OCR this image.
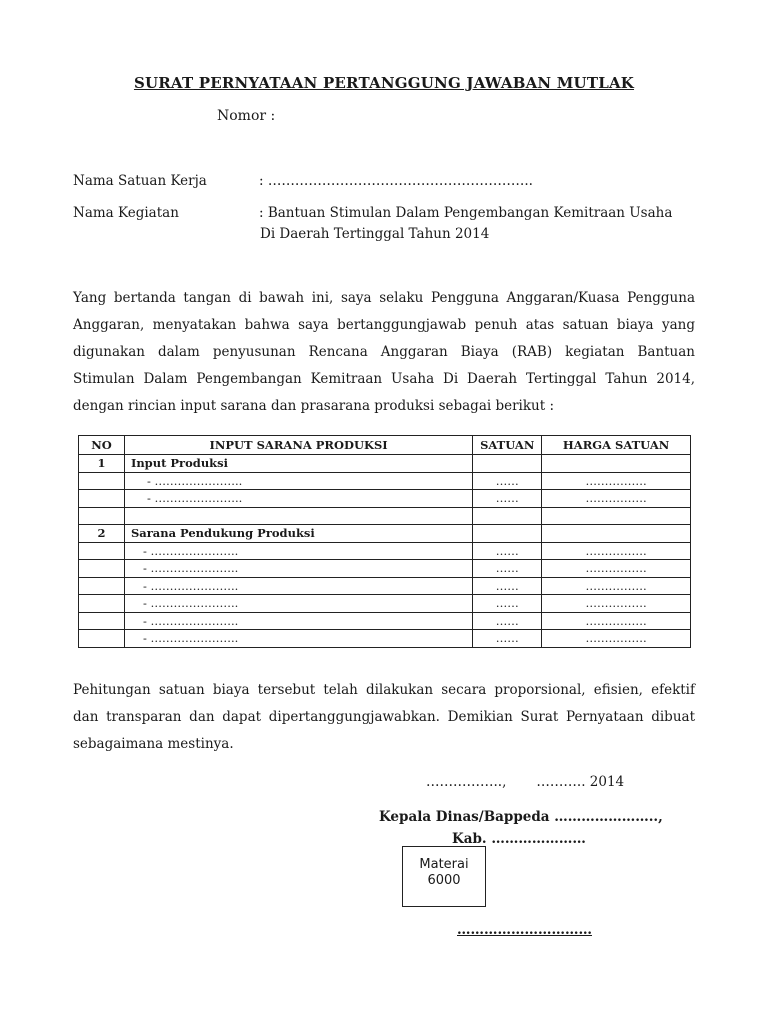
SURAT PERNYATAAN PERTANGGUNG JAWABAN MUTLAK
Nomor :
Nama Satuan Kerja	: …………………………………………………..
Nama Kegiatan	: Bantuan Stimulan Dalam Pengembangan Kemitraan Usaha
Di Daerah Tertinggal Tahun 2014
Yang bertanda tangan di bawah ini, saya selaku Pengguna Anggaran/Kuasa Pengguna
Anggaran, menyatakan bahwa saya bertanggungjawab penuh atas satuan biaya yang
digunakan dalam penyusunan Rencana Anggaran Biaya (RAB) kegiatan Bantuan
Stimulan Dalam Pengembangan Kemitraan Usaha Di Daerah Tertinggal Tahun 2014,
dengan rincian input sarana dan prasarana produksi sebagai berikut :
NO	INPUT SARANA PRODUKSI	SATUAN	HARGA SATUAN
1	Input Produksi		
	- …………………..	……	…………….
	- …………………..	……	…………….

2	Sarana Pendukung Produksi		
	- …………………..	……	…………….
	- …………………..	……	…………….
	- …………………..	……	…………….
	- …………………..	……	…………….
	- …………………..	……	…………….
	- …………………..	……	…………….
Pehitungan satuan biaya tersebut telah dilakukan secara proporsional, efisien, efektif
dan transparan dan dapat dipertanggungjawabkan. Demikian Surat Pernyataan dibuat
sebagaimana mestinya.
……………..,       ……….. 2014
Kepala Dinas/Bappeda …………………..,
Kab. …………………
Materai
6000
…………………………
